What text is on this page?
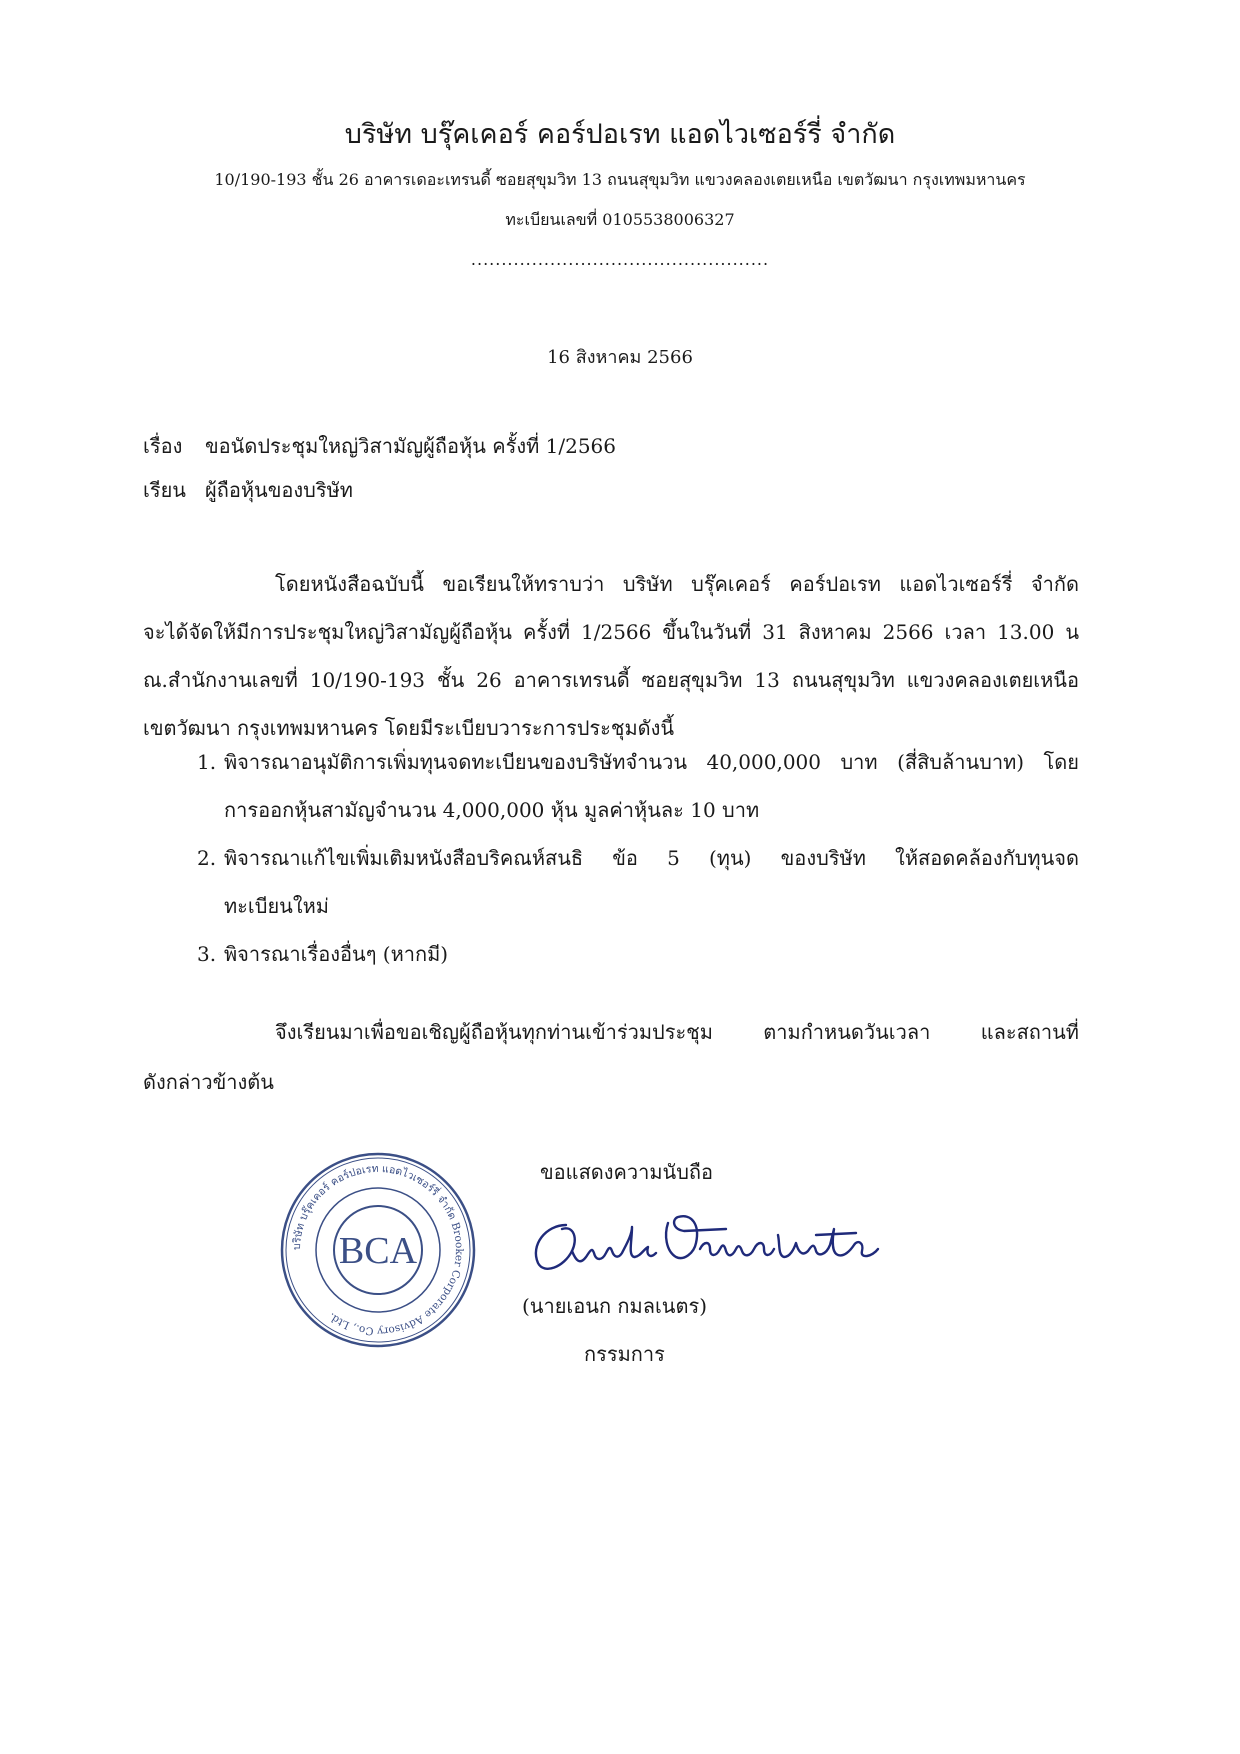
บริษัท บรุ๊คเคอร์ คอร์ปอเรท แอดไวเซอร์รี่ จำกัด
10/190-193 ชั้น 26 อาคารเดอะเทรนดี้ ซอยสุขุมวิท 13 ถนนสุขุมวิท แขวงคลองเตยเหนือ เขตวัฒนา กรุงเทพมหานคร
ทะเบียนเลขที่ 0105538006327
.................................................
16 สิงหาคม 2566
เรื่อง ขอนัดประชุมใหญ่วิสามัญผู้ถือหุ้น ครั้งที่ 1/2566
เรียน ผู้ถือหุ้นของบริษัท
โดยหนังสือฉบับนี้ ขอเรียนให้ทราบว่า บริษัท บรุ๊คเคอร์ คอร์ปอเรท แอดไวเซอร์รี่ จำกัด
จะได้จัดให้มีการประชุมใหญ่วิสามัญผู้ถือหุ้น ครั้งที่ 1/2566 ขึ้นในวันที่ 31 สิงหาคม 2566 เวลา 13.00 น
ณ.สำนักงานเลขที่ 10/190-193 ชั้น 26 อาคารเทรนดี้ ซอยสุขุมวิท 13 ถนนสุขุมวิท แขวงคลองเตยเหนือ
เขตวัฒนา กรุงเทพมหานคร โดยมีระเบียบวาระการประชุมดังนี้
1. พิจารณาอนุมัติการเพิ่มทุนจดทะเบียนของบริษัทจำนวน 40,000,000 บาท (สี่สิบล้านบาท) โดย
การออกหุ้นสามัญจำนวน 4,000,000 หุ้น มูลค่าหุ้นละ 10 บาท
2. พิจารณาแก้ไขเพิ่มเติมหนังสือบริคณห์สนธิ ข้อ 5 (ทุน) ของบริษัท ให้สอดคล้องกับทุนจด
ทะเบียนใหม่
3. พิจารณาเรื่องอื่นๆ (หากมี)
จึงเรียนมาเพื่อขอเชิญผู้ถือหุ้นทุกท่านเข้าร่วมประชุม ตามกำหนดวันเวลา และสถานที่
ดังกล่าวข้างต้น
ขอแสดงความนับถือ
บริษัท บรุ๊คเคอร์ คอร์ปอเรท แอดไวเซอร์รี่ จำกัด Brooker Corporate Advisory Co., Ltd.
BCA
(นายเอนก กมลเนตร)
กรรมการ
